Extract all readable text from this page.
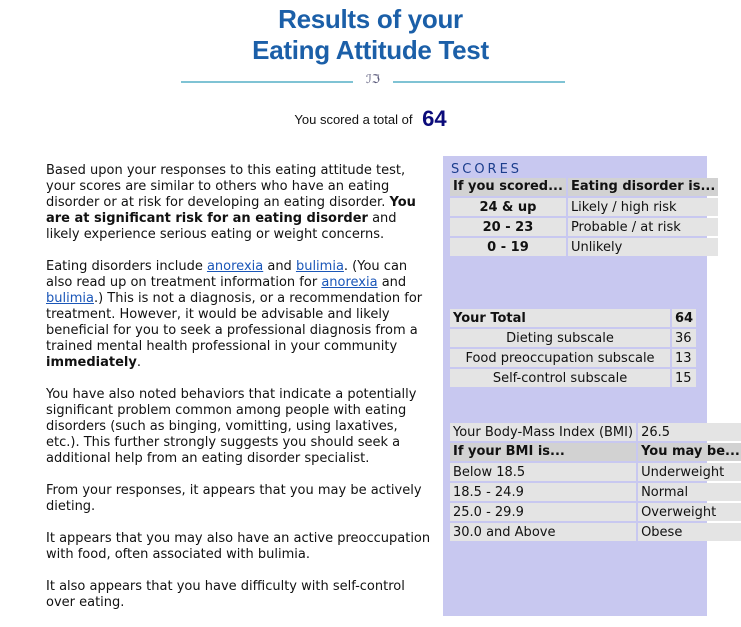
Results of your
Eating Attitude Test
ℐℑ
You scored a total of 64

Based upon your responses to this eating attitude test, your scores are similar to others who have an eating disorder or at risk for developing an eating disorder. You are at significant risk for an eating disorder and likely experience serious eating or weight concerns.

Eating disorders include anorexia and bulimia. (You can also read up on treatment information for anorexia and bulimia.) This is not a diagnosis, or a recommendation for treatment. However, it would be advisable and likely beneficial for you to seek a professional diagnosis from a trained mental health professional in your community immediately.

You have also noted behaviors that indicate a potentially significant problem common among people with eating disorders (such as binging, vomitting, using laxatives, etc.). This further strongly suggests you should seek a additional help from an eating disorder specialist.

From your responses, it appears that you may be actively dieting.

It appears that you may also have an active preoccupation with food, often associated with bulimia.

It also appears that you have difficulty with self-control over eating.

SCORES
If you scored...	Eating disorder is...
24 & up	Likely / high risk
20 - 23	Probable / at risk
0 - 19	Unlikely
Your Total	64
Dieting subscale	36
Food preoccupation subscale	13
Self-control subscale	15
Your Body-Mass Index (BMI)	26.5
If your BMI is...	You may be...
Below 18.5	Underweight
18.5 - 24.9	Normal
25.0 - 29.9	Overweight
30.0 and Above	Obese
